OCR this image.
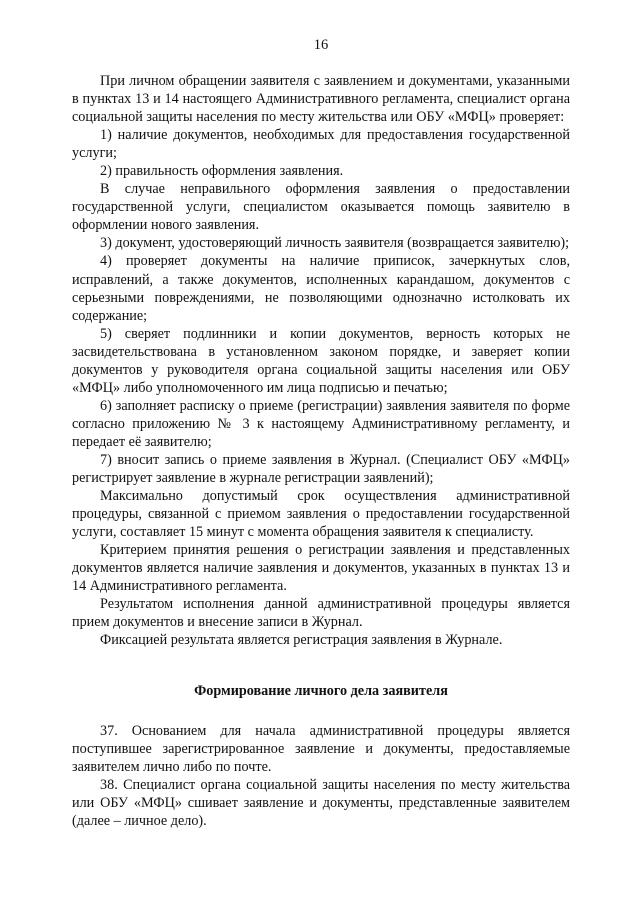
16

При личном обращении заявителя с заявлением и документами, указанными в пунктах 13 и 14 настоящего Административного регламента, специалист органа социальной защиты населения по месту жительства или ОБУ «МФЦ» проверяет:

1) наличие документов, необходимых для предоставления государственной услуги;

2) правильность оформления заявления.

В случае неправильного оформления заявления о предоставлении государственной услуги, специалистом оказывается помощь заявителю в оформлении нового заявления.

3) документ, удостоверяющий личность заявителя (возвращается заявителю);

4) проверяет документы на наличие приписок, зачеркнутых слов, исправлений, а также документов, исполненных карандашом, документов с серьезными повреждениями, не позволяющими однозначно истолковать их содержание;

5) сверяет подлинники и копии документов, верность которых не засвидетельствована в установленном законом порядке, и заверяет копии документов у руководителя органа социальной защиты населения или ОБУ «МФЦ» либо уполномоченного им лица подписью и печатью;

6) заполняет расписку о приеме (регистрации) заявления заявителя по форме согласно приложению № 3 к настоящему Административному регламенту, и передает её заявителю;

7) вносит запись о приеме заявления в Журнал. (Специалист ОБУ «МФЦ» регистрирует заявление в журнале регистрации заявлений);

Максимально допустимый срок осуществления административной процедуры, связанной с приемом заявления о предоставлении государственной услуги, составляет 15 минут с момента обращения заявителя к специалисту.

Критерием принятия решения о регистрации заявления и представленных документов является наличие заявления и документов, указанных в пунктах 13 и 14 Административного регламента.

Результатом исполнения данной административной процедуры является прием документов и внесение записи в Журнал.

Фиксацией результата является регистрация заявления в Журнале.

Формирование личного дела заявителя

37. Основанием для начала административной процедуры является поступившее зарегистрированное заявление и документы, предоставляемые заявителем лично либо по почте.

38. Специалист органа социальной защиты населения по месту жительства или ОБУ «МФЦ» сшивает заявление и документы, представленные заявителем (далее – личное дело).
